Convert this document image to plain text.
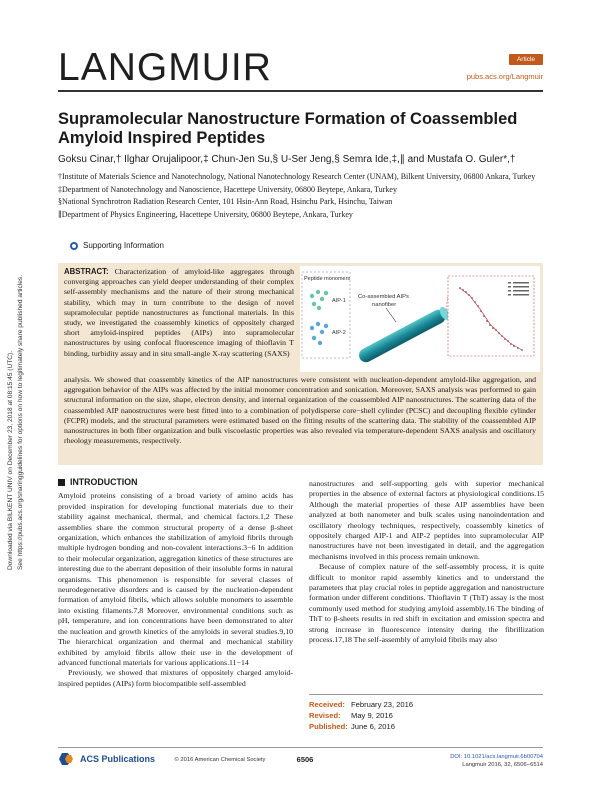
Downloaded via BILKENT UNIV on December 23, 2018 at 08:15:45 (UTC). See https://pubs.acs.org/sharingguidelines for options on how to legitimately share published articles.
LANGMUIR	Article
pubs.acs.org/Langmuir
Supramolecular Nanostructure Formation of Coassembled Amyloid Inspired Peptides
Goksu Cinar,† Ilghar Orujalipoor,‡ Chun-Jen Su,§ U-Ser Jeng,§ Semra Ide,‡,∥ and Mustafa O. Guler*,†

†Institute of Materials Science and Nanotechnology, National Nanotechnology Research Center (UNAM), Bilkent University, 06800 Ankara, Turkey

‡Department of Nanotechnology and Nanoscience, Hacettepe University, 06800 Beytepe, Ankara, Turkey

§National Synchrotron Radiation Research Center, 101 Hsin-Ann Road, Hsinchu Park, Hsinchu, Taiwan

∥Department of Physics Engineering, Hacettepe University, 06800 Beytepe, Ankara, Turkey

Supporting Information
ABSTRACT: Characterization of amyloid-like aggregates through converging approaches can yield deeper understanding of their complex self-assembly mechanisms and the nature of their strong mechanical stability, which may in turn contribute to the design of novel supramolecular peptide nanostructures as functional materials. In this study, we investigated the coassembly kinetics of oppositely charged short amyloid-inspired peptides (AIPs) into supramolecular nanostructures by using confocal fluorescence imaging of thioflavin T binding, turbidity assay and in situ small-angle X-ray scattering (SAXS)
Peptide monomers
AIP-1
AIP-2
Co-assembled AIPs
nanofiber
analysis. We showed that coassembly kinetics of the AIP nanostructures were consistent with nucleation-dependent amyloid-like aggregation, and aggregation behavior of the AIPs was affected by the initial monomer concentration and sonication. Moreover, SAXS analysis was performed to gain structural information on the size, shape, electron density, and internal organization of the coassembled AIP nanostructures. The scattering data of the coassembled AIP nanostructures were best fitted into to a combination of polydisperse core−shell cylinder (PCSC) and decoupling flexible cylinder (FCPR) models, and the structural parameters were estimated based on the fitting results of the scattering data. The stability of the coassembled AIP nanostructures in both fiber organization and bulk viscoelastic properties was also revealed via temperature-dependent SAXS analysis and oscillatory rheology measurements, respectively.
INTRODUCTION

Amyloid proteins consisting of a broad variety of amino acids has provided inspiration for developing functional materials due to their stability against mechanical, thermal, and chemical factors.1,2 These assemblies share the common structural property of a dense β-sheet organization, which enhances the stabilization of amyloid fibrils through multiple hydrogen bonding and non-covalent interactions.3−6 In addition to their molecular organization, aggregation kinetics of these structures are interesting due to the aberrant deposition of their insoluble forms in natural organisms. This phenomenon is responsible for several classes of neurodegenerative disorders and is caused by the nucleation-dependent formation of amyloid fibrils, which allows soluble monomers to assemble into existing filaments.7,8 Moreover, environmental conditions such as pH, temperature, and ion concentrations have been demonstrated to alter the nucleation and growth kinetics of the amyloids in several studies.9,10 The hierarchical organization and thermal and mechanical stability exhibited by amyloid fibrils allow their use in the development of advanced functional materials for various applications.11−14

Previously, we showed that mixtures of oppositely charged amyloid-inspired peptides (AIPs) form biocompatible self-assembled

nanostructures and self-supporting gels with superior mechanical properties in the absence of external factors at physiological conditions.15 Although the material properties of these AIP assemblies have been analyzed at both nanometer and bulk scales using nanoindentation and oscillatory rheology techniques, respectively, coassembly kinetics of oppositely charged AIP-1 and AIP-2 peptides into supramolecular AIP nanostructures have not been investigated in detail, and the aggregation mechanisms involved in this process remain unknown.

Because of complex nature of the self-assembly process, it is quite difficult to monitor rapid assembly kinetics and to understand the parameters that play crucial roles in peptide aggregation and nanostructure formation under different conditions. Thioflavin T (ThT) assay is the most commonly used method for studying amyloid assembly.16 The binding of ThT to β-sheets results in red shift in excitation and emission spectra and strong increase in fluorescence intensity during the fibrillization process.17,18 The self-assembly of amyloid fibrils may also

Received: February 23, 2016
Revised: May 9, 2016
Published: June 6, 2016
ACS Publications	© 2016 American Chemical Society	6506	DOI: 10.1021/acs.langmuir.6b00704
Langmuir 2016, 32, 6506−6514
